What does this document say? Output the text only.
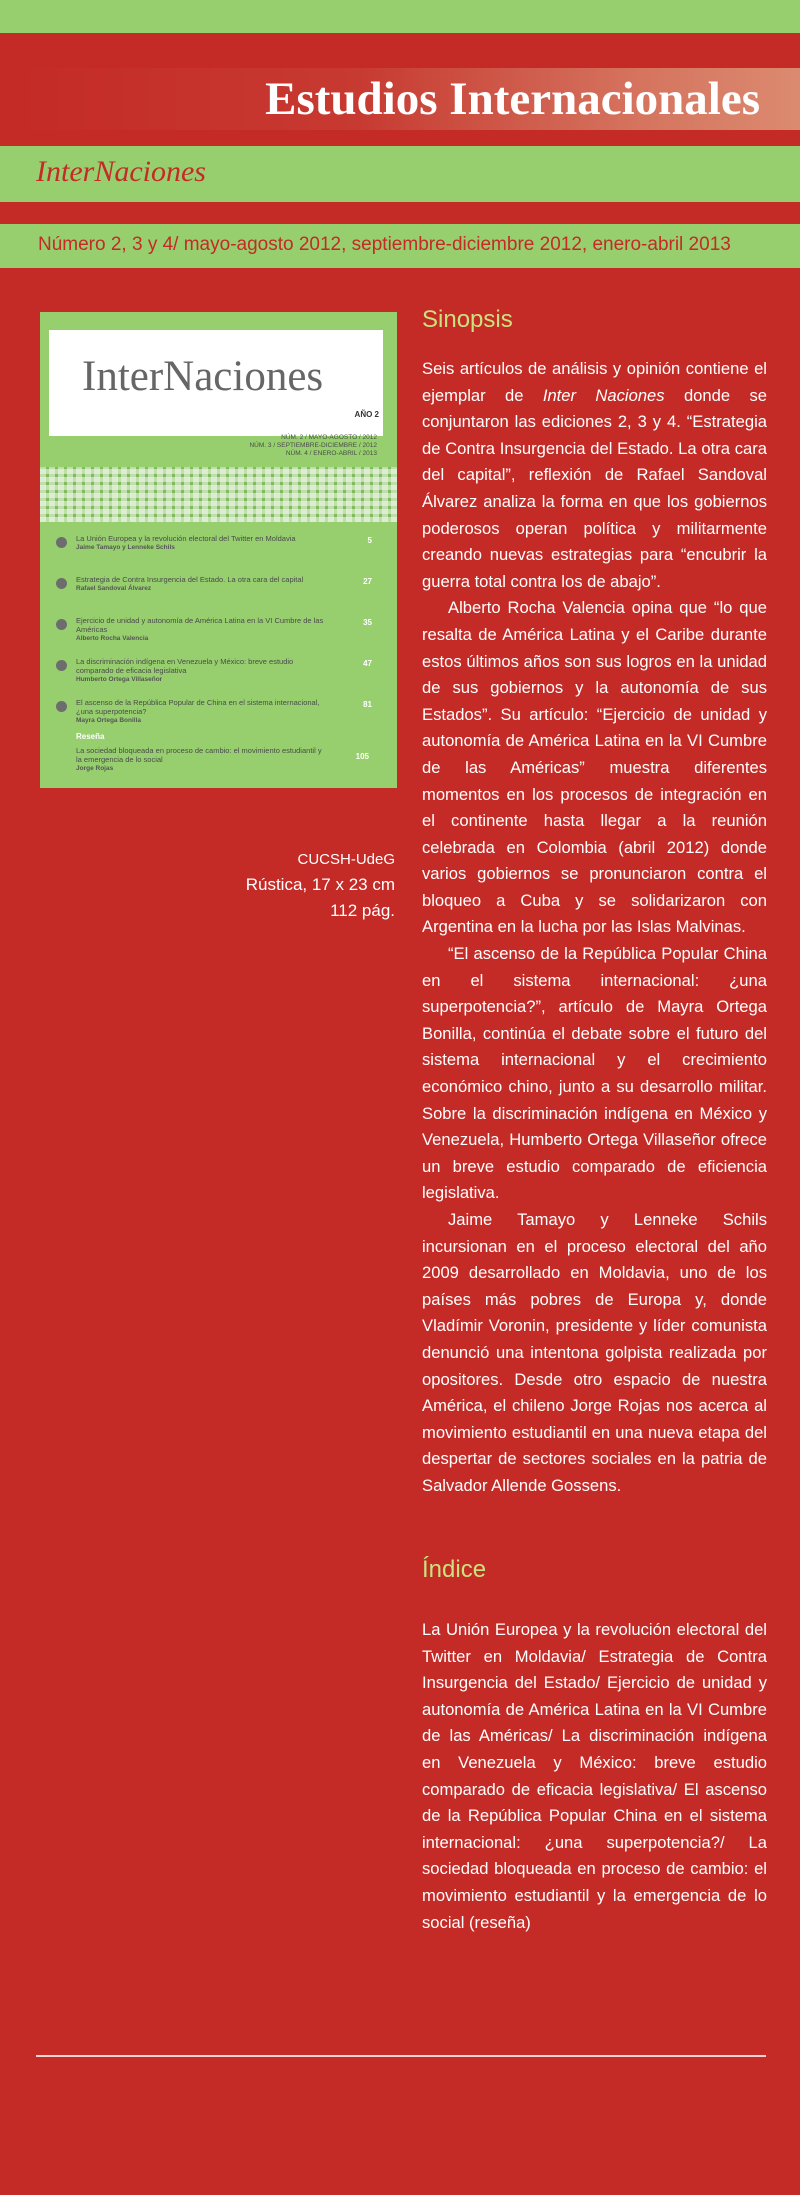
Estudios Internacionales
InterNaciones
Número 2, 3 y 4/ mayo-agosto 2012, septiembre-diciembre 2012, enero-abril 2013
InterNaciones
AÑO 2
NÚM. 2 / MAYO-AGOSTO / 2012
NÚM. 3 / SEPTIEMBRE-DICIEMBRE / 2012
NÚM. 4 / ENERO-ABRIL / 2013
La Unión Europea y la revolución electoral del Twitter en Moldavia
Jaime Tamayo y Lenneke Schils
5
Estrategia de Contra Insurgencia del Estado. La otra cara del capital
Rafael Sandoval Álvarez
27
Ejercicio de unidad y autonomía de América Latina en la VI Cumbre de las Américas
Alberto Rocha Valencia
35
La discriminación indígena en Venezuela y México: breve estudio comparado de eficacia legislativa
Humberto Ortega Villaseñor
47
El ascenso de la República Popular de China en el sistema internacional, ¿una superpotencia?
Mayra Ortega Bonilla
81
Reseña
La sociedad bloqueada en proceso de cambio: el movimiento estudiantil y la emergencia de lo social
Jorge Rojas
105
CUCSH-UdeG
Rústica, 17 x 23 cm
112 pág.
Sinopsis

Seis artículos de análisis y opinión contiene el ejemplar de Inter Naciones donde se conjuntaron las ediciones 2, 3 y 4. “Estrategia de Contra Insurgencia del Estado. La otra cara del capital”, reflexión de Rafael Sandoval Álvarez analiza la forma en que los gobiernos poderosos operan política y militarmente creando nuevas estrategias para “encubrir la guerra total contra los de abajo”.

Alberto Rocha Valencia opina que “lo que resalta de América Latina y el Caribe durante estos últimos años son sus logros en la unidad de sus gobiernos y la autonomía de sus Estados”. Su artículo: “Ejercicio de unidad y autonomía de América Latina en la VI Cumbre de las Américas” muestra diferentes momentos en los procesos de integración en el continente hasta llegar a la reunión celebrada en Colombia (abril 2012) donde varios gobiernos se pronunciaron contra el bloqueo a Cuba y se solidarizaron con Argentina en la lucha por las Islas Malvinas.

“El ascenso de la República Popular China en el sistema internacional: ¿una superpotencia?”, artículo de Mayra Ortega Bonilla, continúa el debate sobre el futuro del sistema internacional y el crecimiento económico chino, junto a su desarrollo militar. Sobre la discriminación indígena en México y Venezuela, Humberto Ortega Villaseñor ofrece un breve estudio comparado de eficiencia legislativa.

Jaime Tamayo y Lenneke Schils incursionan en el proceso electoral del año 2009 desarrollado en Moldavia, uno de los países más pobres de Europa y, donde Vladímir Voronin, presidente y líder comunista denunció una intentona golpista realizada por opositores. Desde otro espacio de nuestra América, el chileno Jorge Rojas nos acerca al movimiento estudiantil en una nueva etapa del despertar de sectores sociales en la patria de Salvador Allende Gossens.

Índice

La Unión Europea y la revolución electoral del Twitter en Moldavia/ Estrategia de Contra Insurgencia del Estado/ Ejercicio de unidad y autonomía de América Latina en la VI Cumbre de las Américas/ La discriminación indígena en Venezuela y México: breve estudio comparado de eficacia legislativa/ El ascenso de la República Popular China en el sistema internacional: ¿una superpotencia?/ La sociedad bloqueada en proceso de cambio: el movimiento estudiantil y la emergencia de lo social (reseña)
